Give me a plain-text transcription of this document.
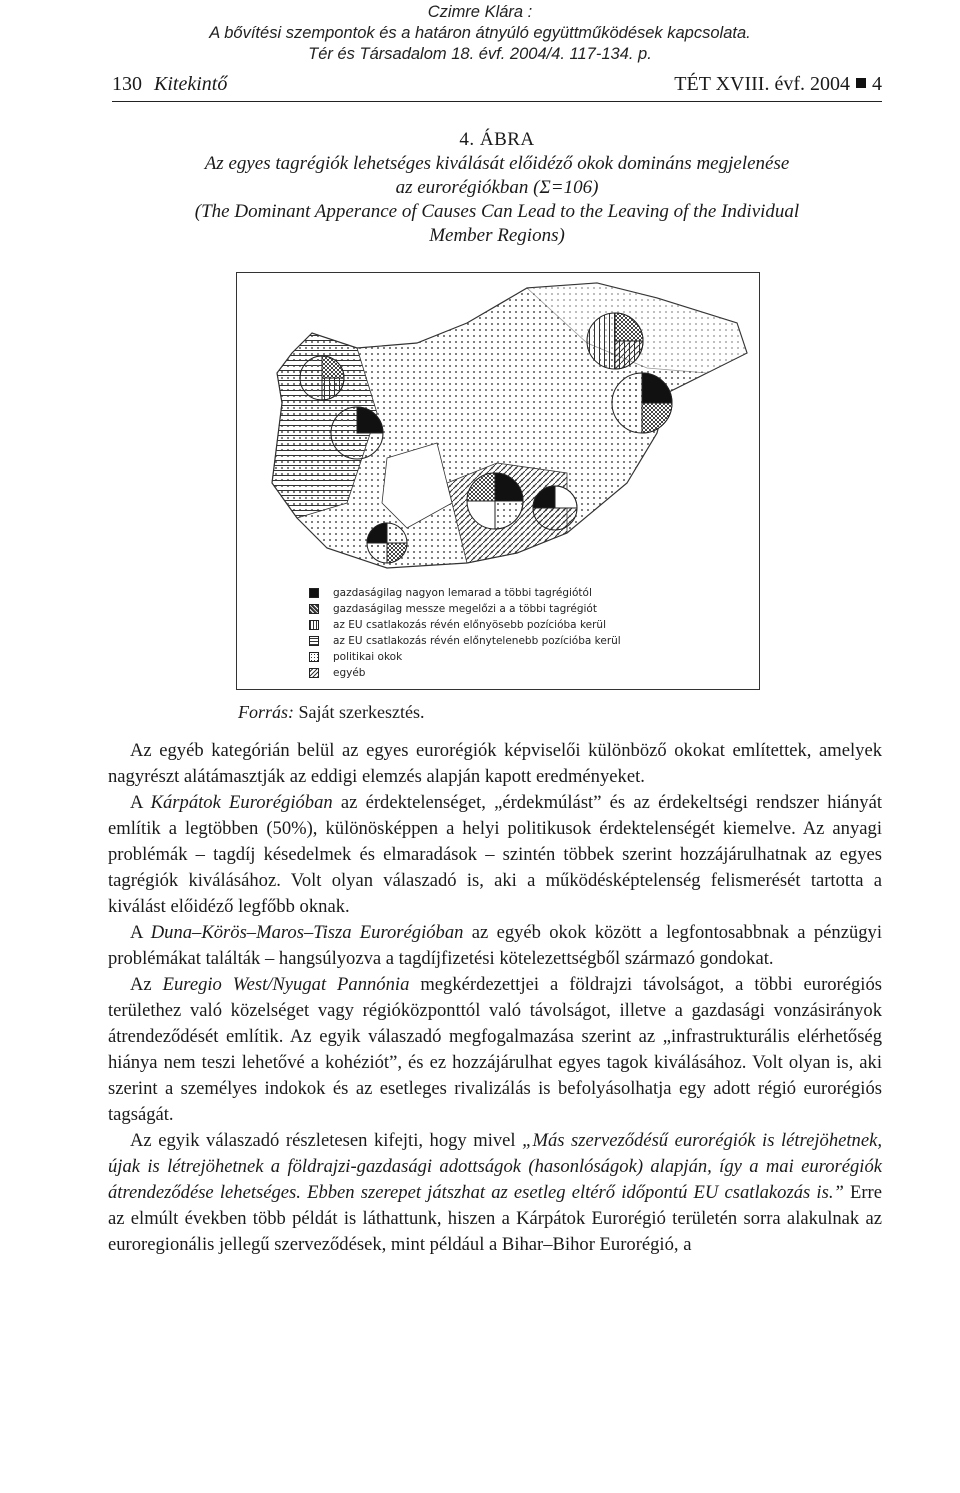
Czimre Klára :
A bővítési szempontok és a határon átnyúló együttműködések kapcsolata.
Tér és Társadalom 18. évf. 2004/4. 117-134. p.
130 Kitekintő	TÉT XVIII. évf. 2004 4
4. ÁBRA
Az egyes tagrégiók lehetséges kiválását előidéző okok domináns megjelenése
az eurorégiókban (Σ=106)
(The Dominant Apperance of Causes Can Lead to the Leaving of the Individual
Member Regions)
gazdaságilag nagyon lemarad a többi tagrégiótól
gazdaságilag messze megelőzi a a többi tagrégiót
az EU csatlakozás révén előnyösebb pozícióba kerül
az EU csatlakozás révén előnytelenebb pozícióba kerül
politikai okok
egyéb
Forrás: Saját szerkesztés.

Az egyéb kategórián belül az egyes eurorégiók képviselői különböző okokat említettek, amelyek nagyrészt alátámasztják az eddigi elemzés alapján kapott eredményeket.

A Kárpátok Eurorégióban az érdektelenséget, „érdekmúlást” és az érdekeltségi rendszer hiányát említik a legtöbben (50%), különösképpen a helyi politikusok érdektelenségét kiemelve. Az anyagi problémák – tagdíj késedelmek és elmaradások – szintén többek szerint hozzájárulhatnak az egyes tagrégiók kiválásához. Volt olyan válaszadó is, aki a működésképtelenség felismerését tartotta a kiválást előidéző legfőbb oknak.

A Duna–Körös–Maros–Tisza Eurorégióban az egyéb okok között a legfontosabbnak a pénzügyi problémákat találták – hangsúlyozva a tagdíjfizetési kötelezettségből származó gondokat.

Az Euregio West/Nyugat Pannónia megkérdezettjei a földrajzi távolságot, a többi eurorégiós területhez való közelséget vagy régióközponttól való távolságot, illetve a gazdasági vonzásirányok átrendeződését említik. Az egyik válaszadó megfogalmazása szerint az „infrastrukturális elérhetőség hiánya nem teszi lehetővé a kohéziót”, és ez hozzájárulhat egyes tagok kiválásához. Volt olyan is, aki szerint a személyes indokok és az esetleges rivalizálás is befolyásolhatja egy adott régió eurorégiós tagságát.

Az egyik válaszadó részletesen kifejti, hogy mivel „Más szerveződésű eurorégiók is létrejöhetnek, újak is létrejöhetnek a földrajzi-gazdasági adottságok (hasonlóságok) alapján, így a mai eurorégiók átrendeződése lehetséges. Ebben szerepet játszhat az esetleg eltérő időpontú EU csatlakozás is.” Erre az elmúlt években több példát is láthattunk, hiszen a Kárpátok Eurorégió területén sorra alakulnak az euroregionális jellegű szerveződések, mint például a Bihar–Bihor Eurorégió, a
